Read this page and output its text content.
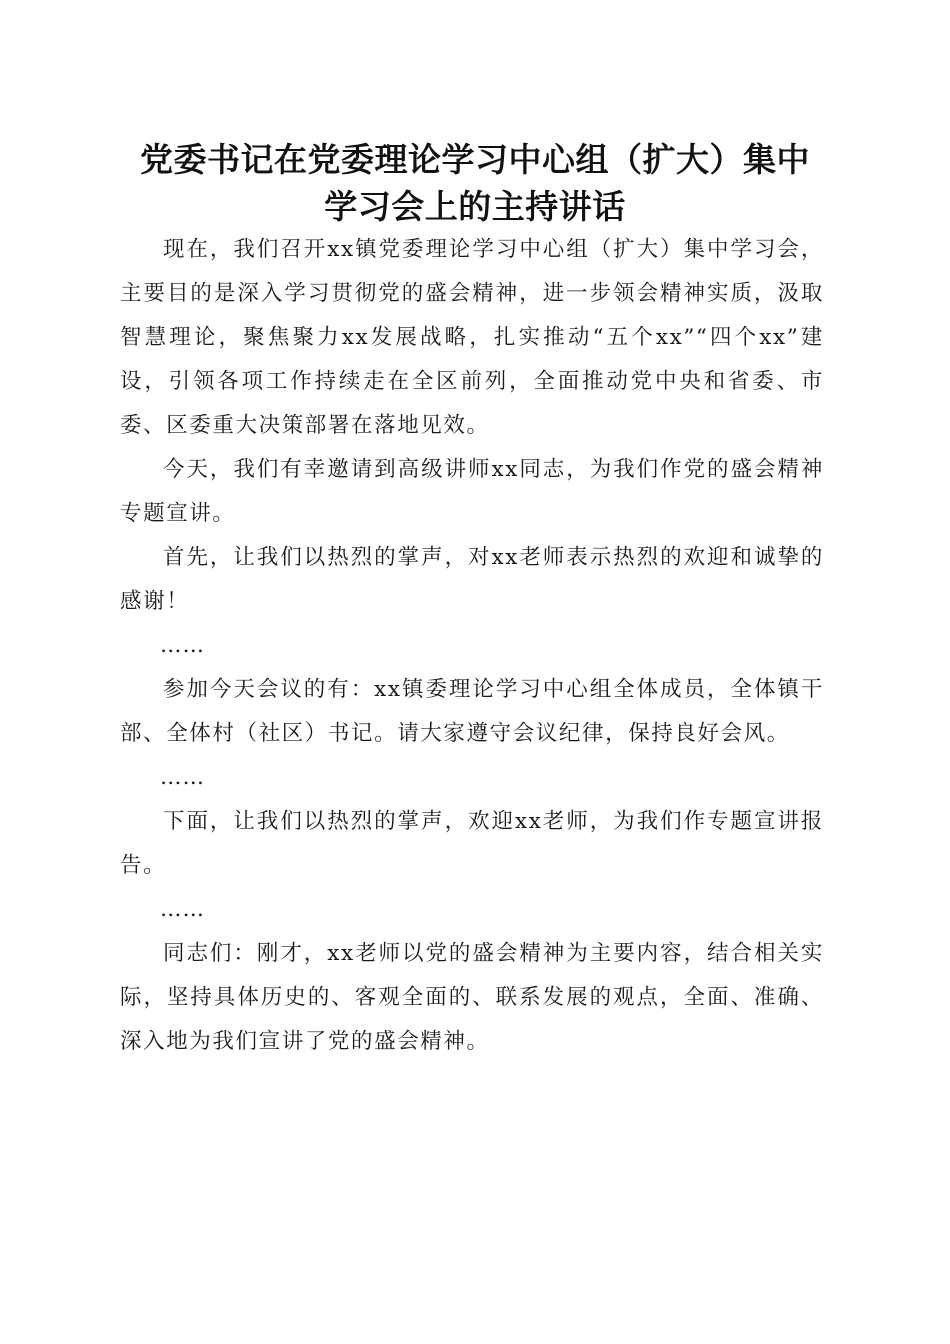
党委书记在党委理论学习中心组（扩大）集中
学习会上的主持讲话

现在，我们召开xx镇党委理论学习中心组（扩大）集中学习会，主要目的是深入学习贯彻党的盛会精神，进一步领会精神实质，汲取智慧理论，聚焦聚力xx发展战略，扎实推动“五个xx”“四个xx”建设，引领各项工作持续走在全区前列，全面推动党中央和省委、市委、区委重大决策部署在落地见效。

今天，我们有幸邀请到高级讲师xx同志，为我们作党的盛会精神专题宣讲。

首先，让我们以热烈的掌声，对xx老师表示热烈的欢迎和诚挚的感谢！

……

参加今天会议的有：xx镇委理论学习中心组全体成员，全体镇干部、全体村（社区）书记。请大家遵守会议纪律，保持良好会风。

……

下面，让我们以热烈的掌声，欢迎xx老师，为我们作专题宣讲报告。

……

同志们：刚才，xx老师以党的盛会精神为主要内容，结合相关实际，坚持具体历史的、客观全面的、联系发展的观点，全面、准确、深入地为我们宣讲了党的盛会精神。
